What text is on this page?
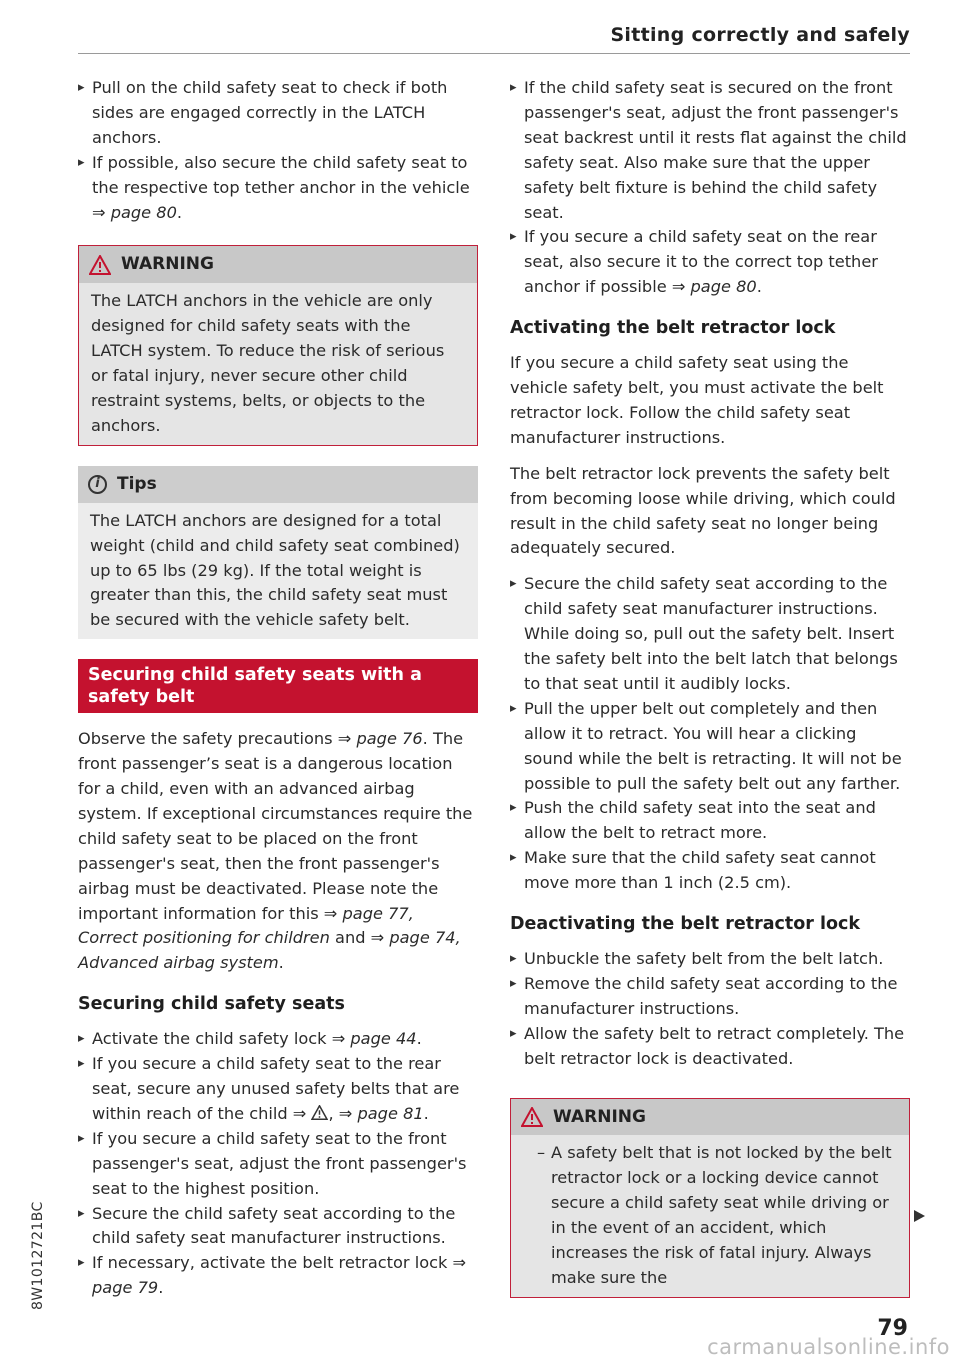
Sitting correctly and safely

▸ Pull on the child safety seat to check if both sides are engaged correctly in the LATCH anchors.

▸ If possible, also secure the child safety seat to the respective top tether anchor in the vehicle ⇒ page 80.

WARNING
The LATCH anchors in the vehicle are only designed for child safety seats with the LATCH system. To reduce the risk of serious or fatal injury, never secure other child restraint systems, belts, or objects to the anchors.
i	Tips
The LATCH anchors are designed for a total weight (child and child safety seat combined) up to 65 lbs (29 kg). If the total weight is greater than this, the child safety seat must be secured with the vehicle safety belt.
Securing child safety seats with a safety belt

Observe the safety precautions ⇒ page 76. The front passenger’s seat is a dangerous location for a child, even with an advanced airbag system. If exceptional circumstances require the child safety seat to be placed on the front passenger's seat, then the front passenger's airbag must be deactivated. Please note the important information for this ⇒ page 77, Correct positioning for children and ⇒ page 74, Advanced airbag system.

Securing child safety seats

▸ Activate the child safety lock ⇒ page 44.

▸ If you secure a child safety seat to the rear seat, secure any unused safety belts that are within reach of the child ⇒ , ⇒ page 81.

▸ If you secure a child safety seat to the front passenger's seat, adjust the front passenger's seat to the highest position.

▸ Secure the child safety seat according to the child safety seat manufacturer instructions.

▸ If necessary, activate the belt retractor lock ⇒ page 79.

▸ If the child safety seat is secured on the front passenger's seat, adjust the front passenger's seat backrest until it rests flat against the child safety seat. Also make sure that the upper safety belt fixture is behind the child safety seat.

▸ If you secure a child safety seat on the rear seat, also secure it to the correct top tether anchor if possible ⇒ page 80.

Activating the belt retractor lock

If you secure a child safety seat using the vehicle safety belt, you must activate the belt retractor lock. Follow the child safety seat manufacturer instructions.

The belt retractor lock prevents the safety belt from becoming loose while driving, which could result in the child safety seat no longer being adequately secured.

▸ Secure the child safety seat according to the child safety seat manufacturer instructions. While doing so, pull out the safety belt. Insert the safety belt into the belt latch that belongs to that seat until it audibly locks.

▸ Pull the upper belt out completely and then allow it to retract. You will hear a clicking sound while the belt is retracting. It will not be possible to pull the safety belt out any farther.

▸ Push the child safety seat into the seat and allow the belt to retract more.

▸ Make sure that the child safety seat cannot move more than 1 inch (2.5 cm).

Deactivating the belt retractor lock

▸ Unbuckle the safety belt from the belt latch.

▸ Remove the child safety seat according to the manufacturer instructions.

▸ Allow the safety belt to retract completely. The belt retractor lock is deactivated.

WARNING

– A safety belt that is not locked by the belt retractor lock or a locking device cannot secure a child safety seat while driving or in the event of an accident, which increases the risk of fatal injury. Always make sure the

79
8W1012721BC
carmanualsonline.info
